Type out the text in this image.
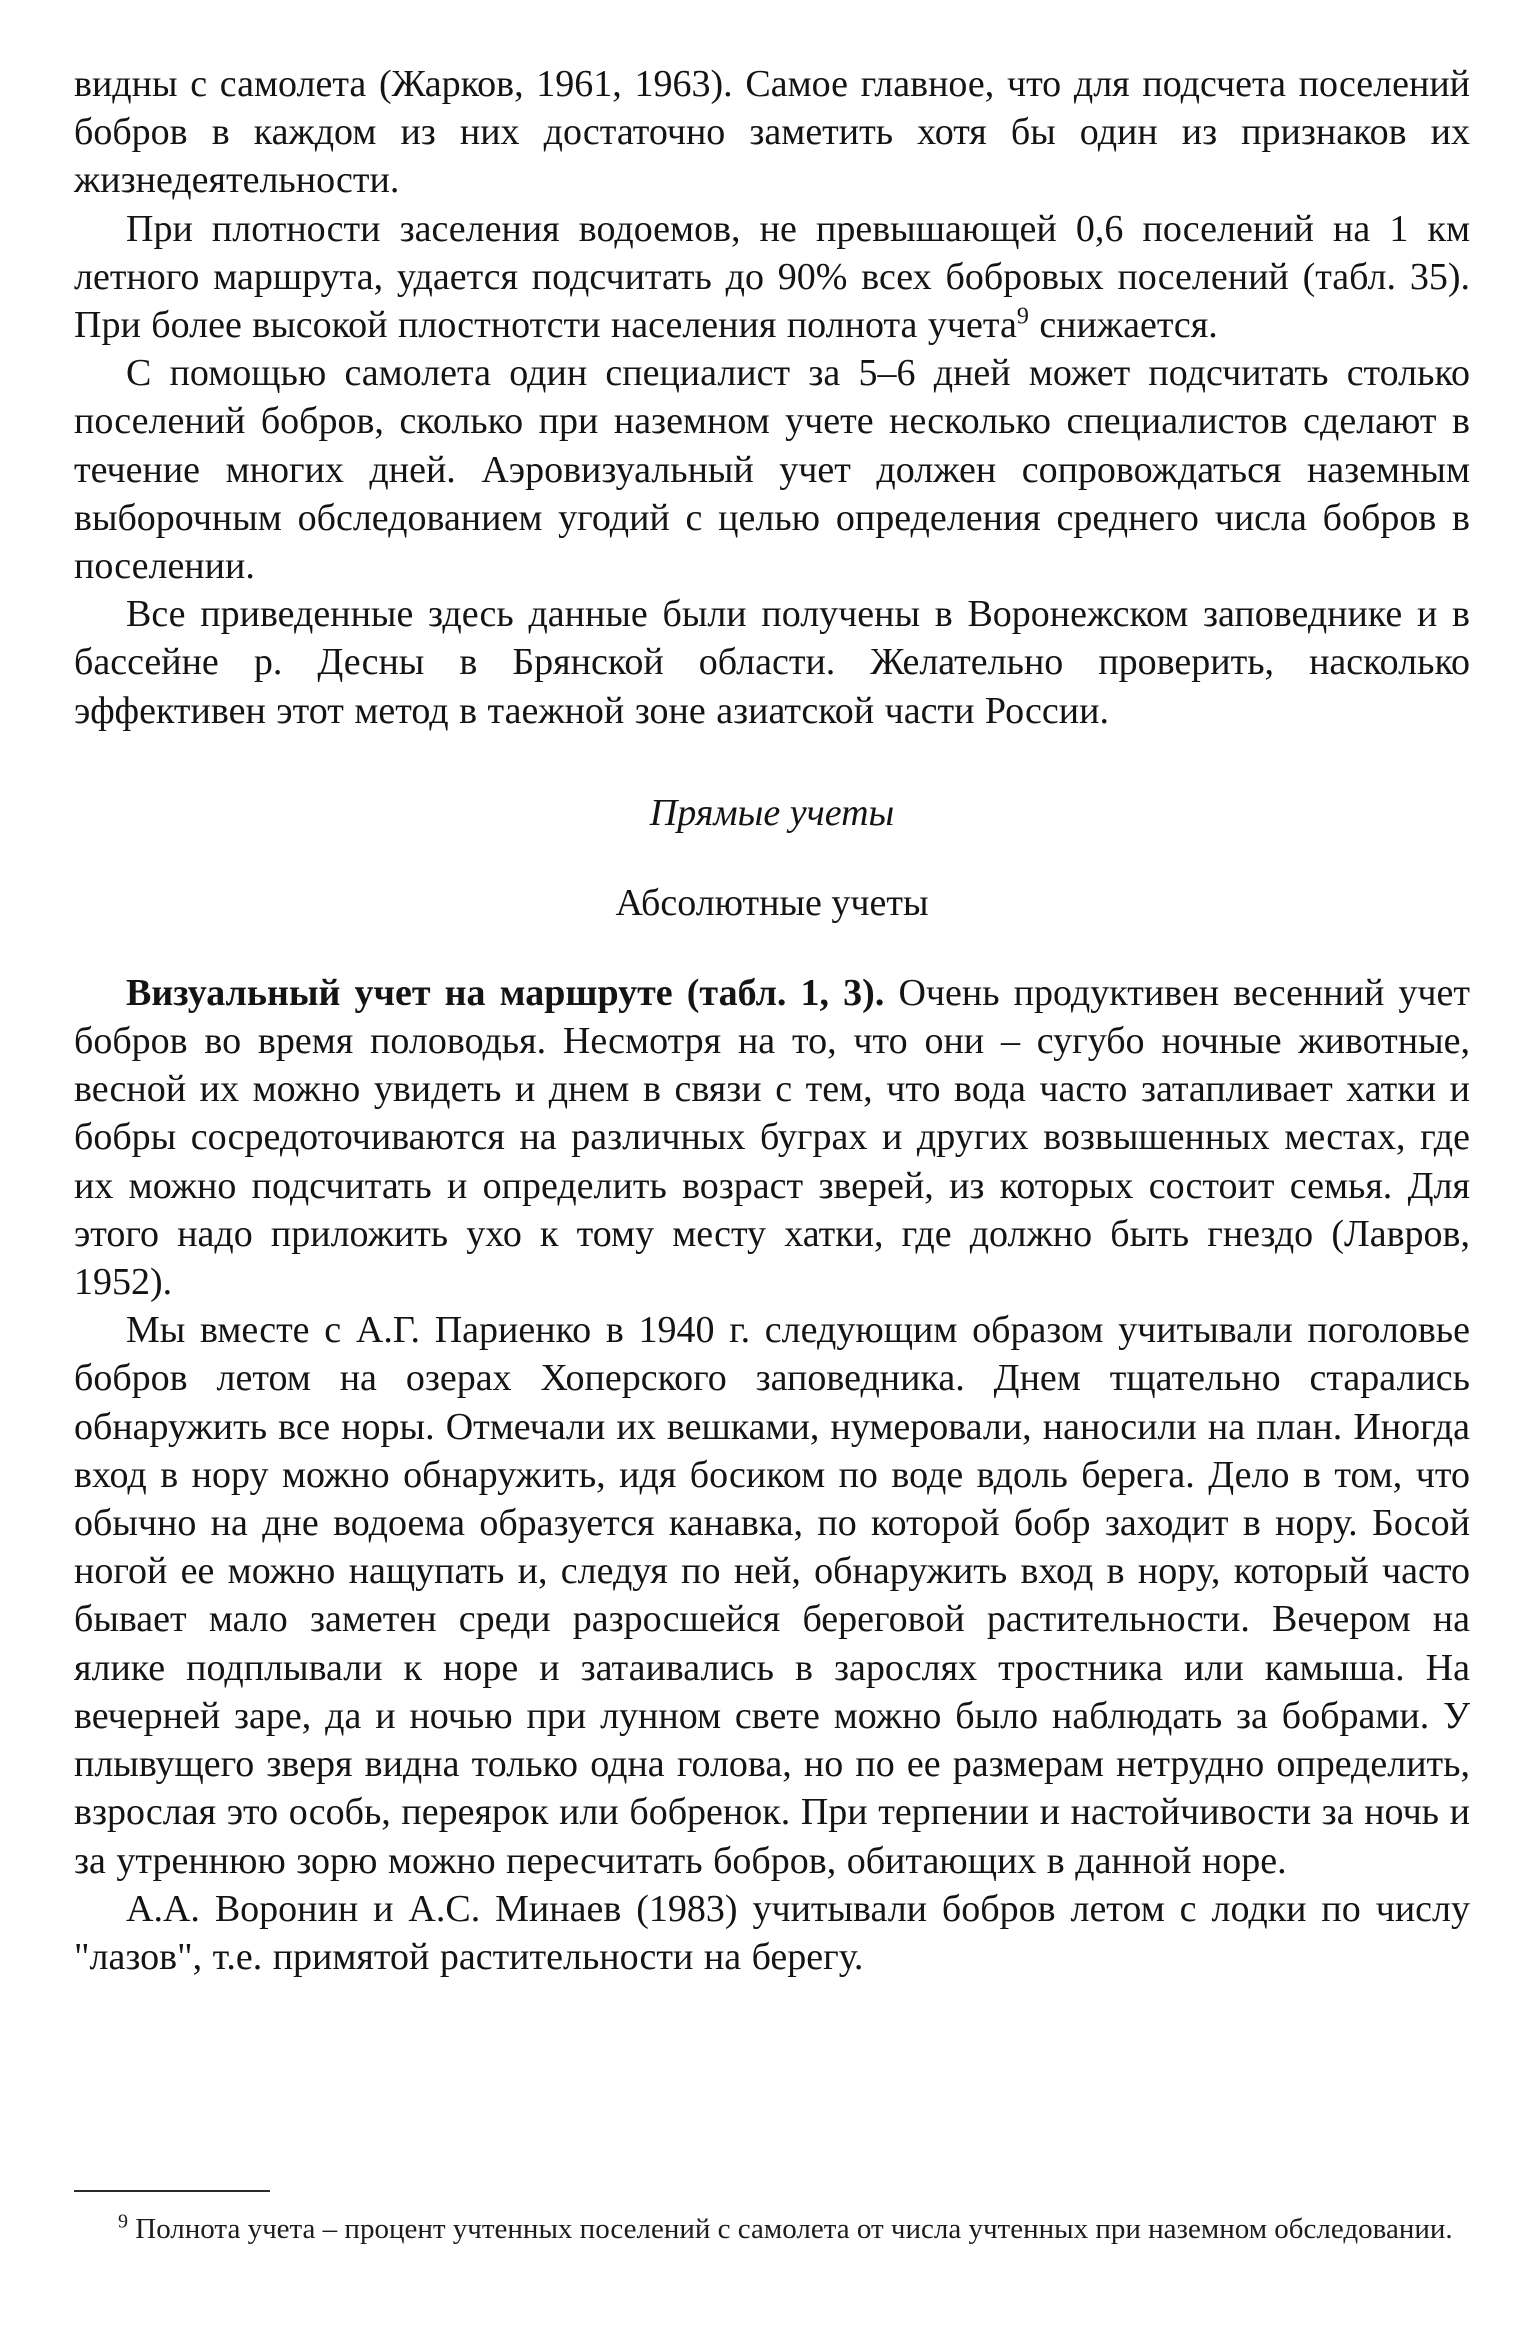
видны с самолета (Жарков, 1961, 1963). Самое главное, что для подсчета поселений бобров в каждом из них достаточно заметить хотя бы один из признаков их жизнедеятельности.

При плотности заселения водоемов, не превышающей 0,6 поселений на 1 км летного маршрута, удается подсчитать до 90% всех бобровых поселений (табл. 35). При более высокой плостнотсти населения полнота учета$^9$ снижается.

С помощью самолета один специалист за 5–6 дней может подсчитать столько поселений бобров, сколько при наземном учете несколько специалистов сделают в течение многих дней. Аэровизуальный учет должен сопровождаться наземным выборочным обследованием угодий с целью определения среднего числа бобров в поселении.

Все приведенные здесь данные были получены в Воронежском заповеднике и в бассейне р. Десны в Брянской области. Желательно проверить, насколько эффективен этот метод в таежной зоне азиатской части России.

Прямые учеты
Абсолютные учеты

Визуальный учет на маршруте (табл. 1, 3). Очень продуктивен весенний учет бобров во время половодья. Несмотря на то, что они – сугубо ночные животные, весной их можно увидеть и днем в связи с тем, что вода часто затапливает хатки и бобры сосредоточиваются на различных буграх и других возвышенных местах, где их можно подсчитать и определить возраст зверей, из которых состоит семья. Для этого надо приложить ухо к тому месту хатки, где должно быть гнездо (Лавров, 1952).

Мы вместе с А.Г. Париенко в 1940 г. следующим образом учитывали поголовье бобров летом на озерах Хоперского заповедника. Днем тщательно старались обнаружить все норы. Отмечали их вешками, нумеровали, наносили на план. Иногда вход в нору можно обнаружить, идя босиком по воде вдоль берега. Дело в том, что обычно на дне водоема образуется канавка, по которой бобр заходит в нору. Босой ногой ее можно нащупать и, следуя по ней, обнаружить вход в нору, который часто бывает мало заметен среди разросшейся береговой растительности. Вечером на ялике подплывали к норе и затаивались в зарослях тростника или камыша. На вечерней заре, да и ночью при лунном свете можно было наблюдать за бобрами. У плывущего зверя видна только одна голова, но по ее размерам нетрудно определить, взрослая это особь, переярок или бобренок. При терпении и настойчивости за ночь и за утреннюю зорю можно пересчитать бобров, обитающих в данной норе.

А.А. Воронин и А.С. Минаев (1983) учитывали бобров летом с лодки по числу "лазов", т.е. примятой растительности на берегу.

$^9$ Полнота учета – процент учтенных поселений с самолета от числа учтенных при наземном обследовании.
